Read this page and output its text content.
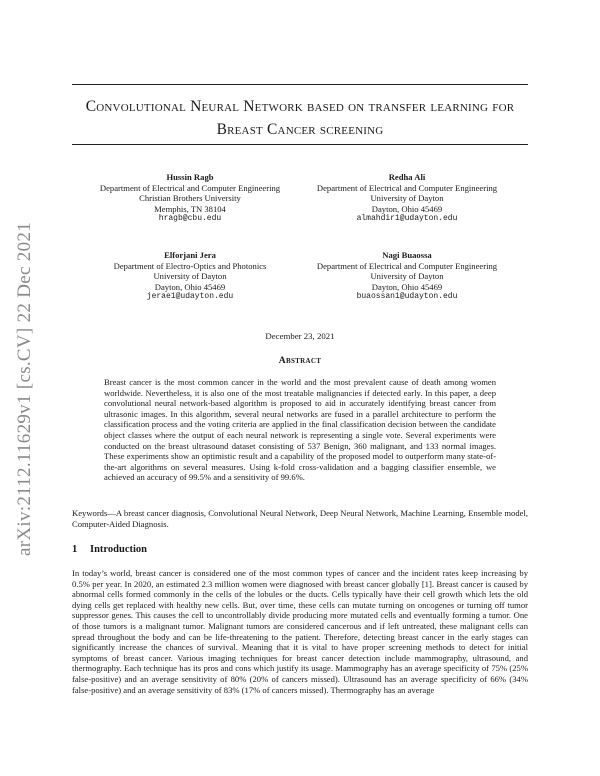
Convolutional Neural Network based on transfer learning for Breast Cancer screening
arXiv:2112.11629v1 [cs.CV] 22 Dec 2021
Hussin Ragb
Department of Electrical and Computer Engineering
Christian Brothers University
Memphis, TN 38104
hragb@cbu.edu
Redha Ali
Department of Electrical and Computer Engineering
University of Dayton
Dayton, Ohio 45469
almahdir1@udayton.edu
Elforjani Jera
Department of Electro-Optics and Photonics
University of Dayton
Dayton, Ohio 45469
jerae1@udayton.edu
Nagi Buaossa
Department of Electrical and Computer Engineering
University of Dayton
Dayton, Ohio 45469
buaossan1@udayton.edu
December 23, 2021
Abstract
Breast cancer is the most common cancer in the world and the most prevalent cause of death among women worldwide. Nevertheless, it is also one of the most treatable malignancies if detected early. In this paper, a deep convolutional neural network-based algorithm is proposed to aid in accurately identifying breast cancer from ultrasonic images. In this algorithm, several neural networks are fused in a parallel architecture to perform the classification process and the voting criteria are applied in the final classification decision between the candidate object classes where the output of each neural network is representing a single vote. Several experiments were conducted on the breast ultrasound dataset consisting of 537 Benign, 360 malignant, and 133 normal images. These experiments show an optimistic result and a capability of the proposed model to outperform many state-of-the-art algorithms on several measures. Using k-fold cross-validation and a bagging classifier ensemble, we achieved an accuracy of 99.5% and a sensitivity of 99.6%.
Keywords—A breast cancer diagnosis, Convolutional Neural Network, Deep Neural Network, Machine Learning, Ensemble model, Computer-Aided Diagnosis.
1 Introduction
In today’s world, breast cancer is considered one of the most common types of cancer and the incident rates keep increasing by 0.5% per year. In 2020, an estimated 2.3 million women were diagnosed with breast cancer globally [1]. Breast cancer is caused by abnormal cells formed commonly in the cells of the lobules or the ducts. Cells typically have their cell growth which lets the old dying cells get replaced with healthy new cells. But, over time, these cells can mutate turning on oncogenes or turning off tumor suppressor genes. This causes the cell to uncontrollably divide producing more mutated cells and eventually forming a tumor. One of those tumors is a malignant tumor. Malignant tumors are considered cancerous and if left untreated, these malignant cells can spread throughout the body and can be life-threatening to the patient. Therefore, detecting breast cancer in the early stages can significantly increase the chances of survival. Meaning that it is vital to have proper screening methods to detect for initial symptoms of breast cancer. Various imaging techniques for breast cancer detection include mammography, ultrasound, and thermography. Each technique has its pros and cons which justify its usage. Mammography has an average specificity of 75% (25% false-positive) and an average sensitivity of 80% (20% of cancers missed). Ultrasound has an average specificity of 66% (34% false-positive) and an average sensitivity of 83% (17% of cancers missed). Thermography has an average
